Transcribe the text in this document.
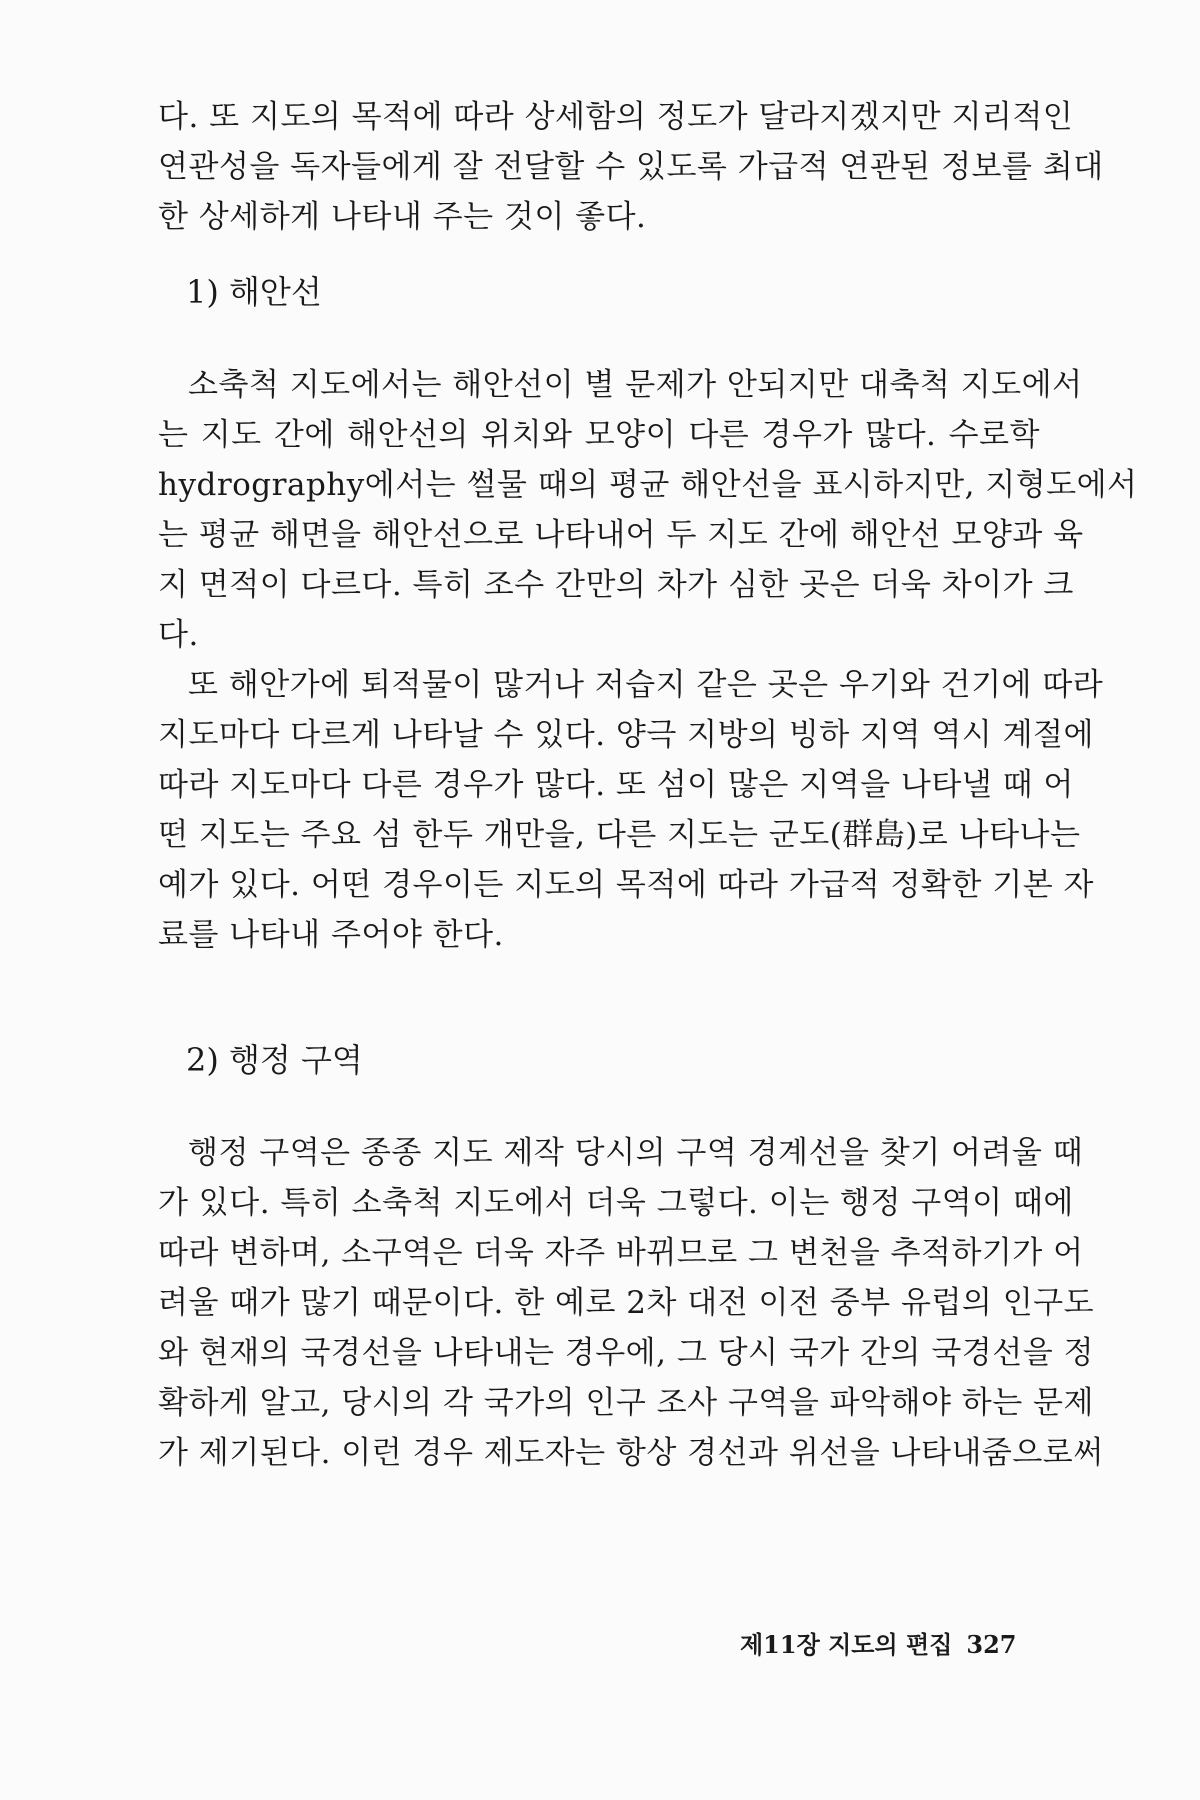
다. 또 지도의 목적에 따라 상세함의 정도가 달라지겠지만 지리적인
연관성을 독자들에게 잘 전달할 수 있도록 가급적 연관된 정보를 최대
한 상세하게 나타내 주는 것이 좋다.
1) 해안선
소축척 지도에서는 해안선이 별 문제가 안되지만 대축척 지도에서
는 지도 간에 해안선의 위치와 모양이 다른 경우가 많다. 수로학
hydrography에서는 썰물 때의 평균 해안선을 표시하지만, 지형도에서
는 평균 해면을 해안선으로 나타내어 두 지도 간에 해안선 모양과 육
지 면적이 다르다. 특히 조수 간만의 차가 심한 곳은 더욱 차이가 크
다.
또 해안가에 퇴적물이 많거나 저습지 같은 곳은 우기와 건기에 따라
지도마다 다르게 나타날 수 있다. 양극 지방의 빙하 지역 역시 계절에
따라 지도마다 다른 경우가 많다. 또 섬이 많은 지역을 나타낼 때 어
떤 지도는 주요 섬 한두 개만을, 다른 지도는 군도(群島)로 나타나는
예가 있다. 어떤 경우이든 지도의 목적에 따라 가급적 정확한 기본 자
료를 나타내 주어야 한다.
2) 행정 구역
행정 구역은 종종 지도 제작 당시의 구역 경계선을 찾기 어려울 때
가 있다. 특히 소축척 지도에서 더욱 그렇다. 이는 행정 구역이 때에
따라 변하며, 소구역은 더욱 자주 바뀌므로 그 변천을 추적하기가 어
려울 때가 많기 때문이다. 한 예로 2차 대전 이전 중부 유럽의 인구도
와 현재의 국경선을 나타내는 경우에, 그 당시 국가 간의 국경선을 정
확하게 알고, 당시의 각 국가의 인구 조사 구역을 파악해야 하는 문제
가 제기된다. 이런 경우 제도자는 항상 경선과 위선을 나타내줌으로써
제11장 지도의 편집 327
